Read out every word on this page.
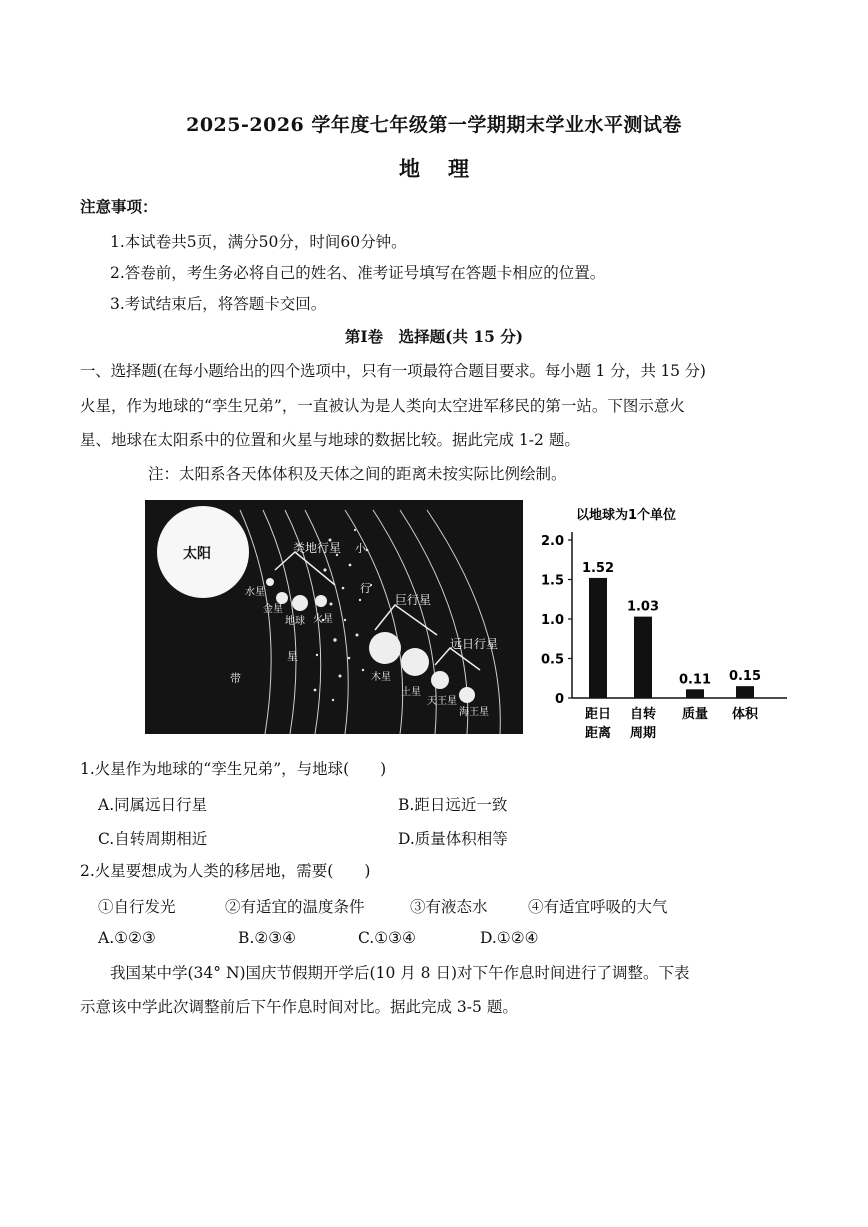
2025-2026 学年度七年级第一学期期末学业水平测试卷
地 理
注意事项：
1.本试卷共5页，满分50分，时间60分钟。
2.答卷前，考生务必将自己的姓名、准考证号填写在答题卡相应的位置。
3.考试结束后，将答题卡交回。
第Ⅰ卷　选择题(共 15 分)
一、选择题(在每小题给出的四个选项中，只有一项最符合题目要求。每小题 1 分，共 15 分)
火星，作为地球的“孪生兄弟”，一直被认为是人类向太空进军移民的第一站。下图示意火
星、地球在太阳系中的位置和火星与地球的数据比较。据此完成 1-2 题。
注：太阳系各天体体积及天体之间的距离未按实际比例绘制。
太阳	类地行星
巨行星
远日行星
小
行
星
带
水星
金星
地球 火星
木星
土星
天王星
海王星
以地球为1个单位
0
0.5
1.0
1.5
2.0
1.52
距日
距离
1.03
自转
周期
0.11
质量
0.15
体积
1.火星作为地球的“孪生兄弟”，与地球(　　)
A.同属远日行星	B.距日远近一致
C.自转周期相近	D.质量体积相等
2.火星要想成为人类的移居地，需要(　　)
①自行发光	②有适宜的温度条件	③有液态水	④有适宜呼吸的大气
A.①②③	B.②③④	C.①③④	D.①②④
我国某中学(34° N)国庆节假期开学后(10 月 8 日)对下午作息时间进行了调整。下表
示意该中学此次调整前后下午作息时间对比。据此完成 3-5 题。
